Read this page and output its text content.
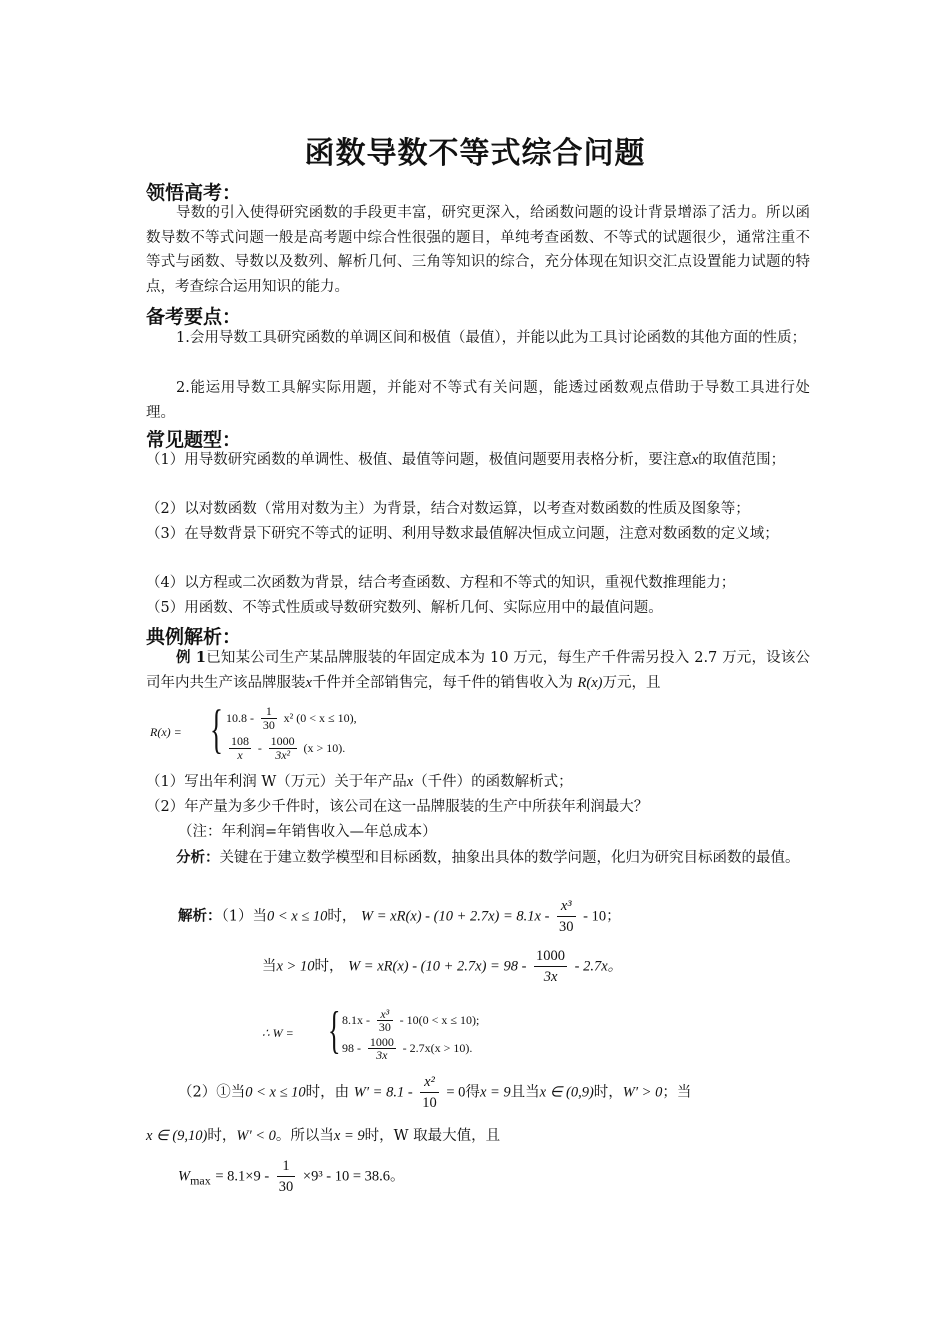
函数导数不等式综合问题
领悟高考：
导数的引入使得研究函数的手段更丰富，研究更深入，给函数问题的设计背景增添了活力。所以函数导数不等式问题一般是高考题中综合性很强的题目，单纯考查函数、不等式的试题很少，通常注重不等式与函数、导数以及数列、解析几何、三角等知识的综合，充分体现在知识交汇点设置能力试题的特点，考查综合运用知识的能力。
备考要点：
1.会用导数工具研究函数的单调区间和极值（最值），并能以此为工具讨论函数的其他方面的性质；
2.能运用导数工具解实际用题，并能对不等式有关问题，能透过函数观点借助于导数工具进行处理。
常见题型：
（1）用导数研究函数的单调性、极值、最值等问题，极值问题要用表格分析，要注意x的取值范围；
（2）以对数函数（常用对数为主）为背景，结合对数运算，以考查对数函数的性质及图象等；
（3）在导数背景下研究不等式的证明、利用导数求最值解决恒成立问题，注意对数函数的定义域；
（4）以方程或二次函数为背景，结合考查函数、方程和不等式的知识，重视代数推理能力；
（5）用函数、不等式性质或导数研究数列、解析几何、实际应用中的最值问题。
典例解析：
例 1已知某公司生产某品牌服装的年固定成本为 10 万元，每生产千件需另投入 2.7 万元，设该公司年内共生产该品牌服装x千件并全部销售完，每千件的销售收入为 R(x)万元，且
R(x) = { $10.8 - \frac{1}{30} x^2$ (0 < x ≤ 10),
$\frac{108}{x} - \frac{1000}{\text{3x²}} (x > 10)$.
（1）写出年利润 W（万元）关于年产品x（千件）的函数解析式；
（2）年产量为多少千件时，该公司在这一品牌服装的生产中所获年利润最大？
（注：年利润=年销售收入—年总成本）
分析：关键在于建立数学模型和目标函数，抽象出具体的数学问题，化归为研究目标函数的最值。
解析：（1）当0 < x ≤ 10时， $W = xR(x) - (10 + 2.7x) = 8.1x - \frac{\text{x³}}{30} - 10$；
当x > 10时， $W = xR(x) - (10 + 2.7x) = 98 - \frac{1000}{3x} - 2.7x$。
∴ W = { $8.1x - \frac{\text{x³}}{30} - 10(0 < x \le 10)$;
$98 - \frac{1000}{3x} - 2.7x(x > 10)$.
（2）①当0 < x ≤ 10时，由 $W' = 8.1 - \frac{\text{x²}}{10} = 0$得x = 9且当x ∈ (0,9)时，W′ > 0；当
x ∈ (9,10)时，W′ < 0。所以当x = 9时，W 取最大值，且
$W_{max} = 8.1\times 9 - \frac{1}{30} \times 9^3 - 10 = 38.6$。
